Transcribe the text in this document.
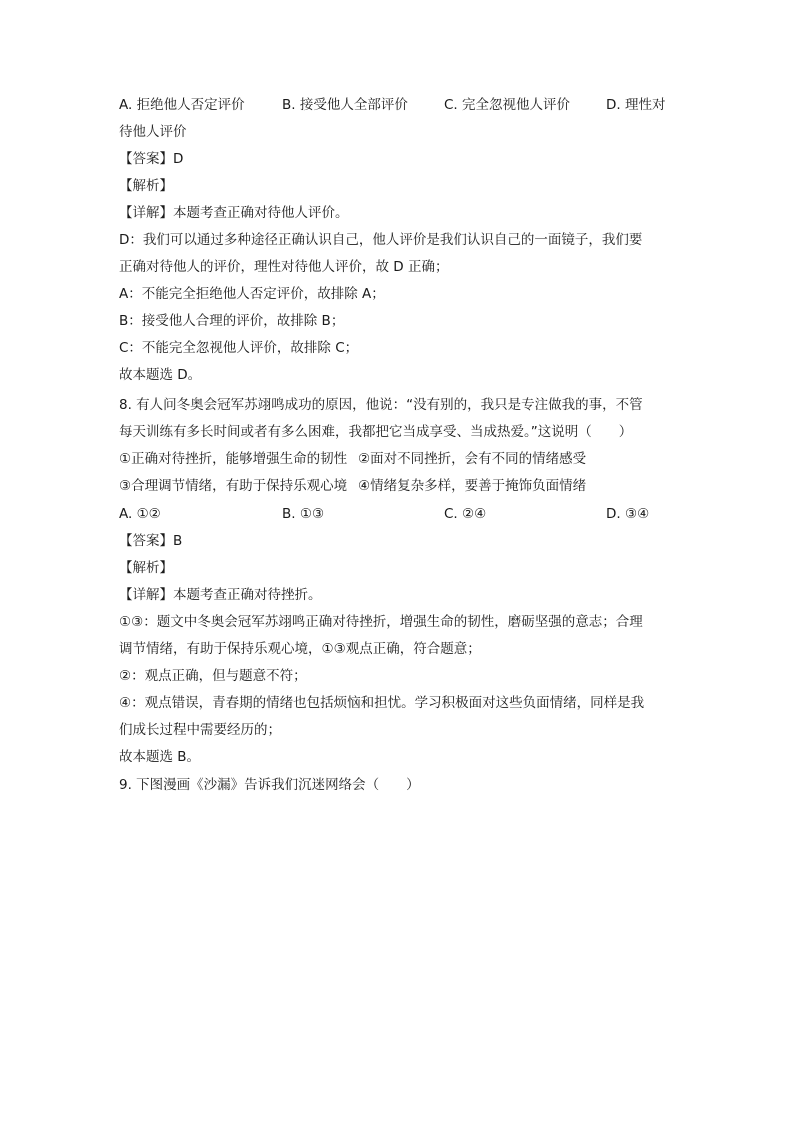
A. 拒绝他人否定评价	B. 接受他人全部评价	C. 完全忽视他人评价	D. 理性对
待他人评价
【答案】D
【解析】
【详解】本题考查正确对待他人评价。
D：我们可以通过多种途径正确认识自己，他人评价是我们认识自己的一面镜子，我们要
正确对待他人的评价，理性对待他人评价，故 D 正确；
A：不能完全拒绝他人否定评价，故排除 A；
B：接受他人合理的评价，故排除 B；
C：不能完全忽视他人评价，故排除 C；
故本题选 D。
8. 有人问冬奥会冠军苏翊鸣成功的原因，他说：“没有别的，我只是专注做我的事，不管
每天训练有多长时间或者有多么困难，我都把它当成享受、当成热爱。”这说明（　　）
①正确对待挫折，能够增强生命的韧性 ②面对不同挫折，会有不同的情绪感受
③合理调节情绪，有助于保持乐观心境 ④情绪复杂多样，要善于掩饰负面情绪
A. ①②	B. ①③	C. ②④	D. ③④
【答案】B
【解析】
【详解】本题考查正确对待挫折。
①③：题文中冬奥会冠军苏翊鸣正确对待挫折，增强生命的韧性，磨砺坚强的意志；合理
调节情绪，有助于保持乐观心境，①③观点正确，符合题意；
②：观点正确，但与题意不符；
④：观点错误，青春期的情绪也包括烦恼和担忧。学习积极面对这些负面情绪，同样是我
们成长过程中需要经历的；
故本题选 B。
9. 下图漫画《沙漏》告诉我们沉迷网络会（　　）
